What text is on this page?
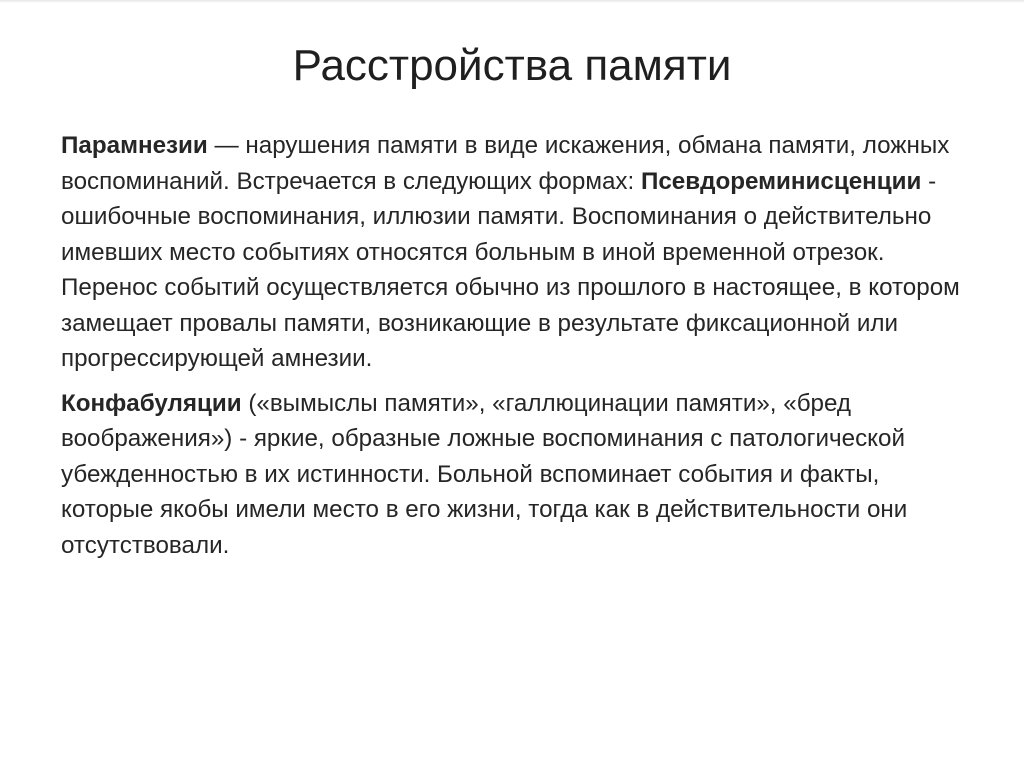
Расстройства памяти

Парамнезии — нарушения памяти в виде искажения, обмана памяти, ложных воспоминаний. Встречается в следующих формах: Псевдореминисценции - ошибочные воспоминания, иллюзии памяти. Воспоминания о действительно имевших место событиях относятся больным в иной временной отрезок. Перенос событий осуществляется обычно из прошлого в настоящее, в котором замещает провалы памяти, возникающие в результате фиксационной или прогрессирующей амнезии.

Конфабуляции («вымыслы памяти», «галлюцинации памяти», «бред воображения») - яркие, образные ложные воспоминания с патологической убежденностью в их истинности. Больной вспоминает события и факты, которые якобы имели место в его жизни, тогда как в действительности они отсутствовали.
